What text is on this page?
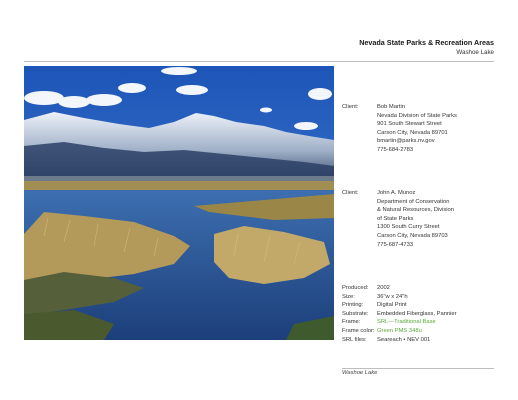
Nevada State Parks & Recreation Areas
Washoe Lake
Client:	Bob Martin
Nevada Division of State Parks
901 South Stewart Street
Carson City, Nevada 89701
bmartin@parks.nv.gov
775-684-2783
Client:	John A. Munoz
Department of Conservation
& Natural Resources, Division
of State Parks
1300 South Curry Street
Carson City, Nevada 89703
775-687-4733
Produced:	2002
Size:	36"w x 24"h
Printing:	Digital Print
Substrate:	Embedded Fiberglass, Pannier
Frame:	SRL—Traditional Base
Frame color: Green PMS 348u
SRL files:	Seareach • NEV 001
Washoe Lake
